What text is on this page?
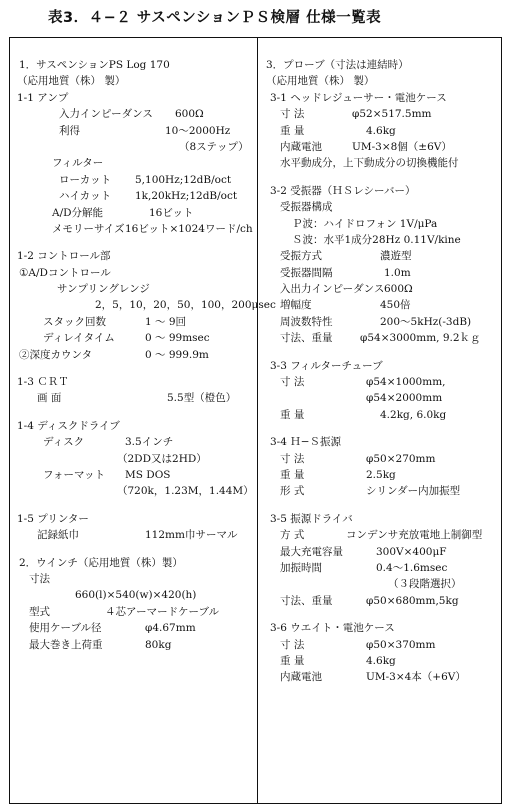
表3．４−２ サスペンションＰＳ検層 仕様一覧表
1．サスペンションPS Log 170
（応用地質（株） 製）
1-1 アンプ
入力インピーダンス 600Ω
利得	10〜2000Hz
（8ステップ）
フィルター
ローカット 5,100Hz;12dB/oct
ハイカット 1k,20kHz;12dB/oct
A/D分解能	16ビット
メモリーサイズ 16ビット×1024ワード/ch
1-2 コントロール部
①A/Dコントロール
サンプリングレンジ
2，5，10，20，50，100，200μsec
スタック回数	1 〜 9回
ディレイタイム	0 〜 99msec
②深度カウンタ	0 〜 999.9m
1-3 ＣＲＴ
画 面	5.5型（橙色）
1-4 ディスクドライブ
ディスク	3.5インチ
（2DD又は2HD）
フォーマット MS DOS
（720k，1.23M，1.44M）
1-5 プリンター
記録紙巾	112mm巾サーマル
2．ウインチ（応用地質（株）製）
寸法
660(l)×540(w)×420(h)
型式	４芯アーマードケーブル
使用ケーブル径	φ4.67mm
最大巻き上荷重	80kg
3．プローブ（寸法は連結時）
（応用地質（株） 製）
3-1 ヘッドレジューサー・電池ケース
寸 法	φ52×517.5mm
重 量	4.6kg
内蔵電池	UM-3×8個（±6V）
水平動成分，上下動成分の切換機能付
3-2 受振器（ＨＳレシーバー）
受振器構成
Ｐ波：ハイドロフォン 1V/μPa
Ｓ波：水平1成分28Hz 0.11V/kine
受振方式	濃遊型
受振器間隔	1.0m
入出力インピーダンス 600Ω
増幅度	450倍
周波数特性	200〜5kHz(-3dB)
寸法、重量	φ54×3000mm, 9.2ｋｇ
3-3 フィルターチューブ
寸 法	φ54×1000mm,
φ54×2000mm
重 量	4.2kg, 6.0kg
3-4 Ｈ−Ｓ振源
寸 法	φ50×270mm
重 量	2.5kg
形 式	シリンダー内加振型
3-5 振源ドライバ
方 式	コンデンサ充放電地上制御型
最大充電容量	300V×400μF
加振時間	0.4〜1.6msec
（３段階選択）
寸法、重量	φ50×680mm,5kg
3-6 ウエイト・電池ケース
寸 法	φ50×370mm
重 量	4.6kg
内蔵電池	UM-3×4本（+6V）
